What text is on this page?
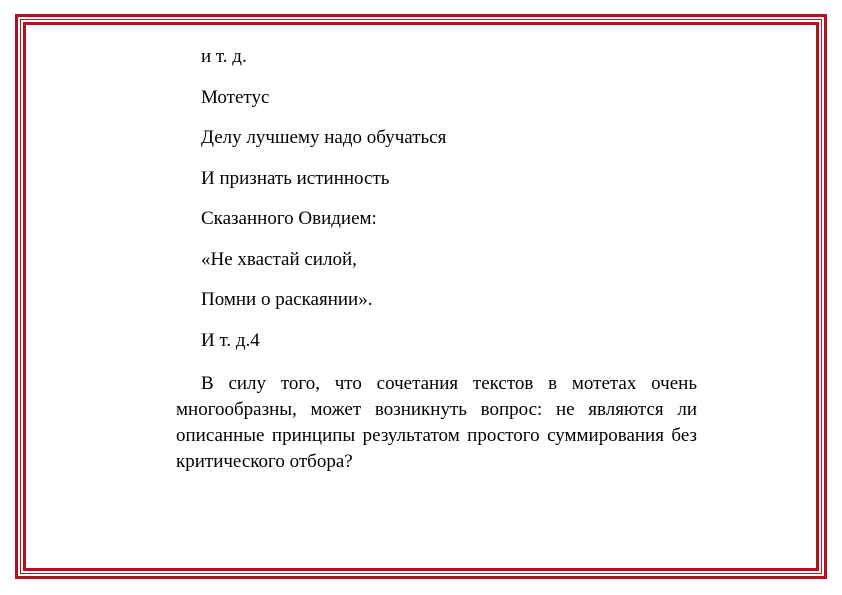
и т. д.

Мотетус

Делу лучшему надо обучаться

И признать истинность

Сказанного Овидием:

«Не хвастай силой,

Помни о раскаянии».

И т. д.4

В силу того, что сочетания текстов в мотетах очень многообразны, может возникнуть вопрос: не являются ли описанные принципы результатом простого суммирования без критического отбора?
